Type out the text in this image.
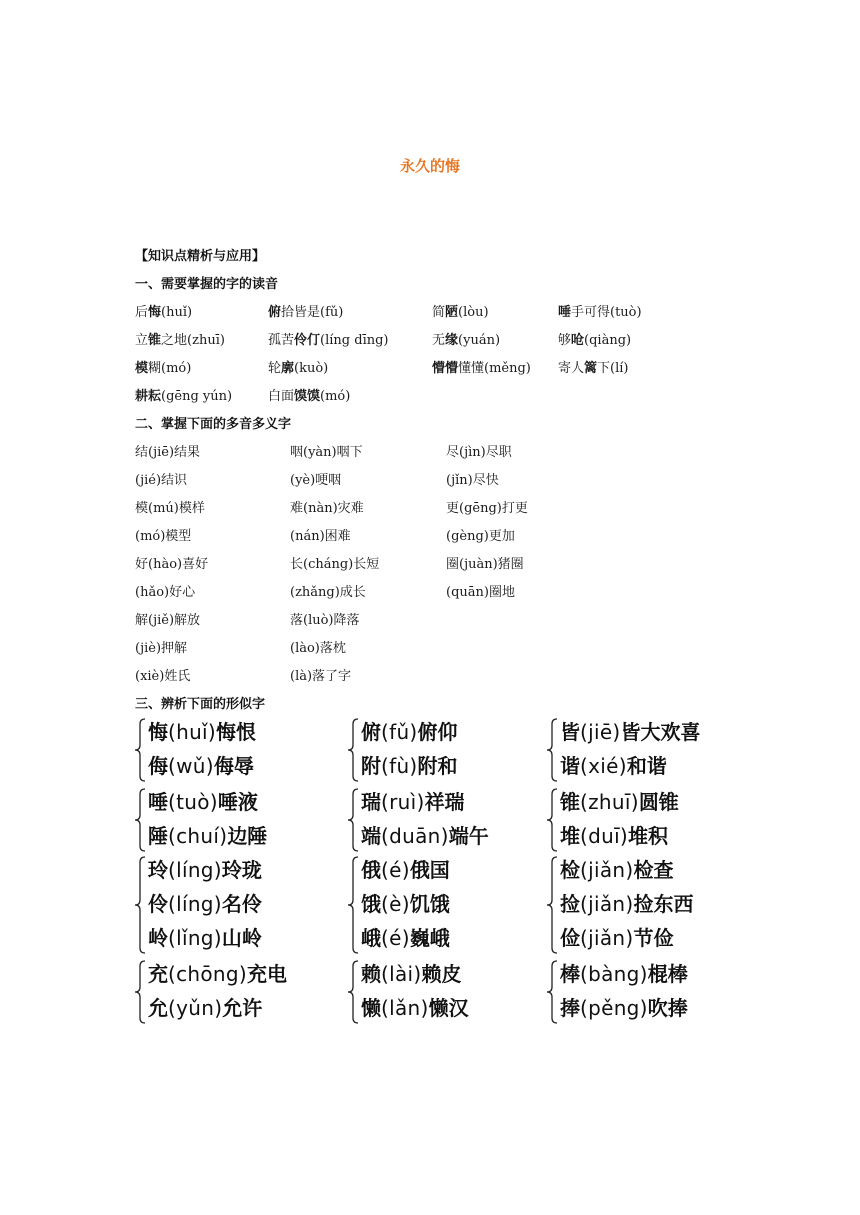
永久的悔
【知识点精析与应用】
一、需要掌握的字的读音
后悔(huǐ)	俯拾皆是(fǔ)	简陋(lòu)	唾手可得(tuò)
立锥之地(zhuī)	孤苦伶仃(líng dīng)	无缘(yuán)	够呛(qiàng)
模糊(mó)	轮廓(kuò)	懵懵懂懂(měng) 寄人篱下(lí)
耕耘(gēng yún)	白面馍馍(mó)
二、掌握下面的多音多义字
结(jiē)结果	咽(yàn)咽下	尽(jìn)尽职
(jié)结识	(yè)哽咽	(jǐn)尽快
模(mú)模样	难(nàn)灾难	更(gēng)打更
(mó)模型	(nán)困难	(gèng)更加
好(hào)喜好	长(cháng)长短	圈(juàn)猪圈
(hǎo)好心	(zhǎng)成长	(quān)圈地
解(jiě)解放	落(luò)降落
(jiè)押解	(lào)落枕
(xiè)姓氏	(là)落了字
三、辨析下面的形似字
悔(huǐ)悔恨
侮(wǔ)侮辱
俯(fǔ)俯仰
附(fù)附和
皆(jiē)皆大欢喜
谐(xié)和谐
唾(tuò)唾液
陲(chuí)边陲
瑞(ruì)祥瑞
端(duān)端午
锥(zhuī)圆锥
堆(duī)堆积
玲(líng)玲珑
伶(líng)名伶
岭(lǐng)山岭
俄(é)俄国
饿(è)饥饿
峨(é)巍峨
检(jiǎn)检查
捡(jiǎn)捡东西
俭(jiǎn)节俭
充(chōng)充电
允(yǔn)允许
赖(lài)赖皮
懒(lǎn)懒汉
棒(bàng)棍棒
捧(pěng)吹捧
